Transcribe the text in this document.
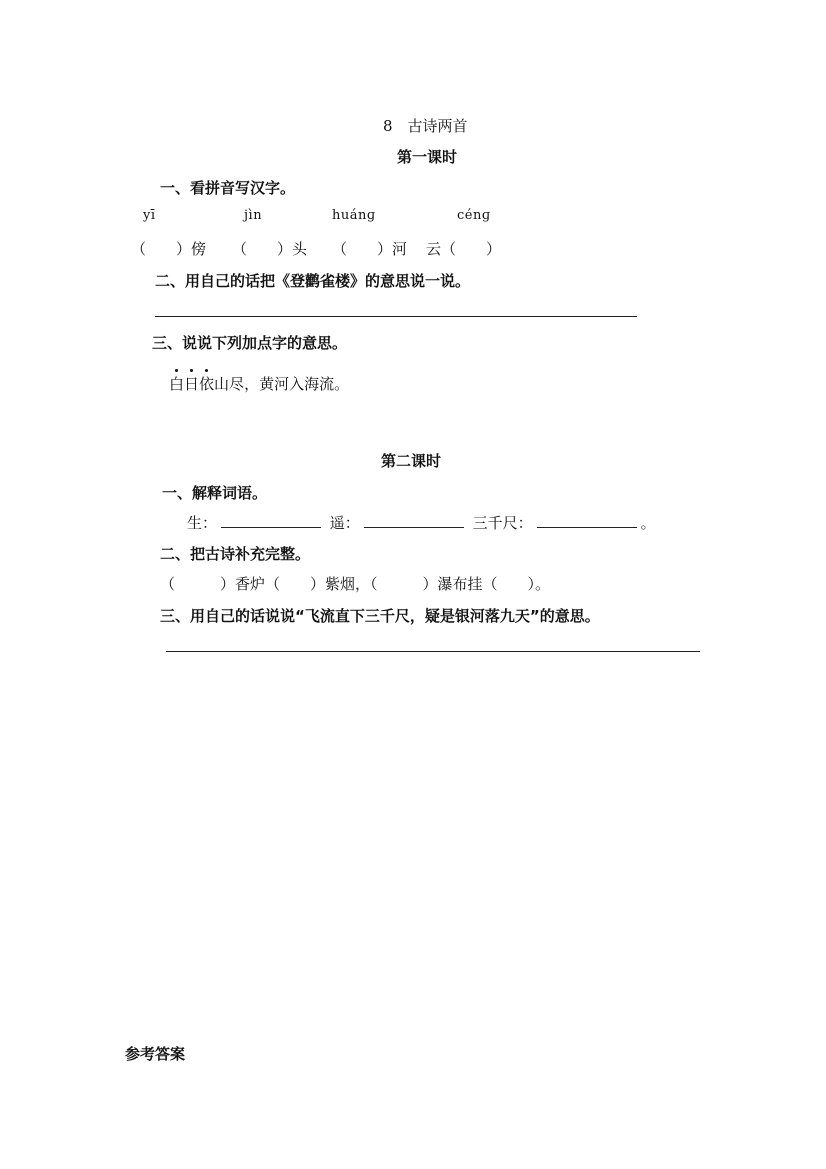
8　古诗两首
第一课时
一、看拼音写汉字。
yī	jìn	huánɡ	cénɡ
（　　）傍 （　　）头 （　　）河 云（　　）
二、用自己的话把《登鹳雀楼》的意思说一说。
三、说说下列加点字的意思。
白日依山尽，黄河入海流。
第二课时
一、解释词语。
生：	遥：	三千尺：	。
二、把古诗补充完整。
（　　　）香炉（　　）紫烟，（　　　）瀑布挂（　　）。
三、用自己的话说说“飞流直下三千尺，疑是银河落九天”的意思。
参考答案
